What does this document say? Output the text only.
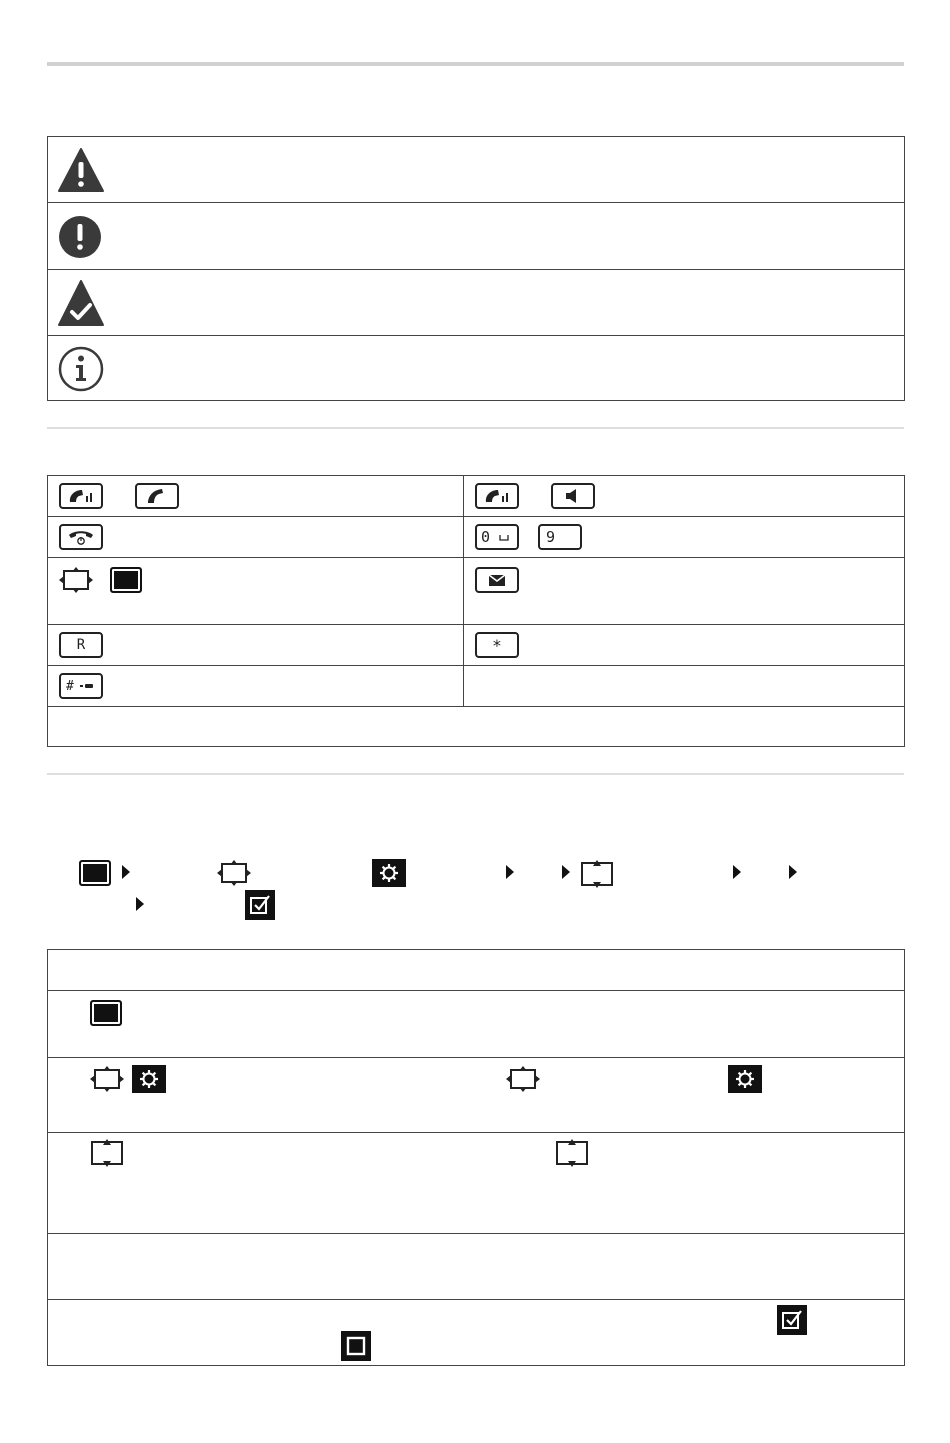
0	9
R	*
#
